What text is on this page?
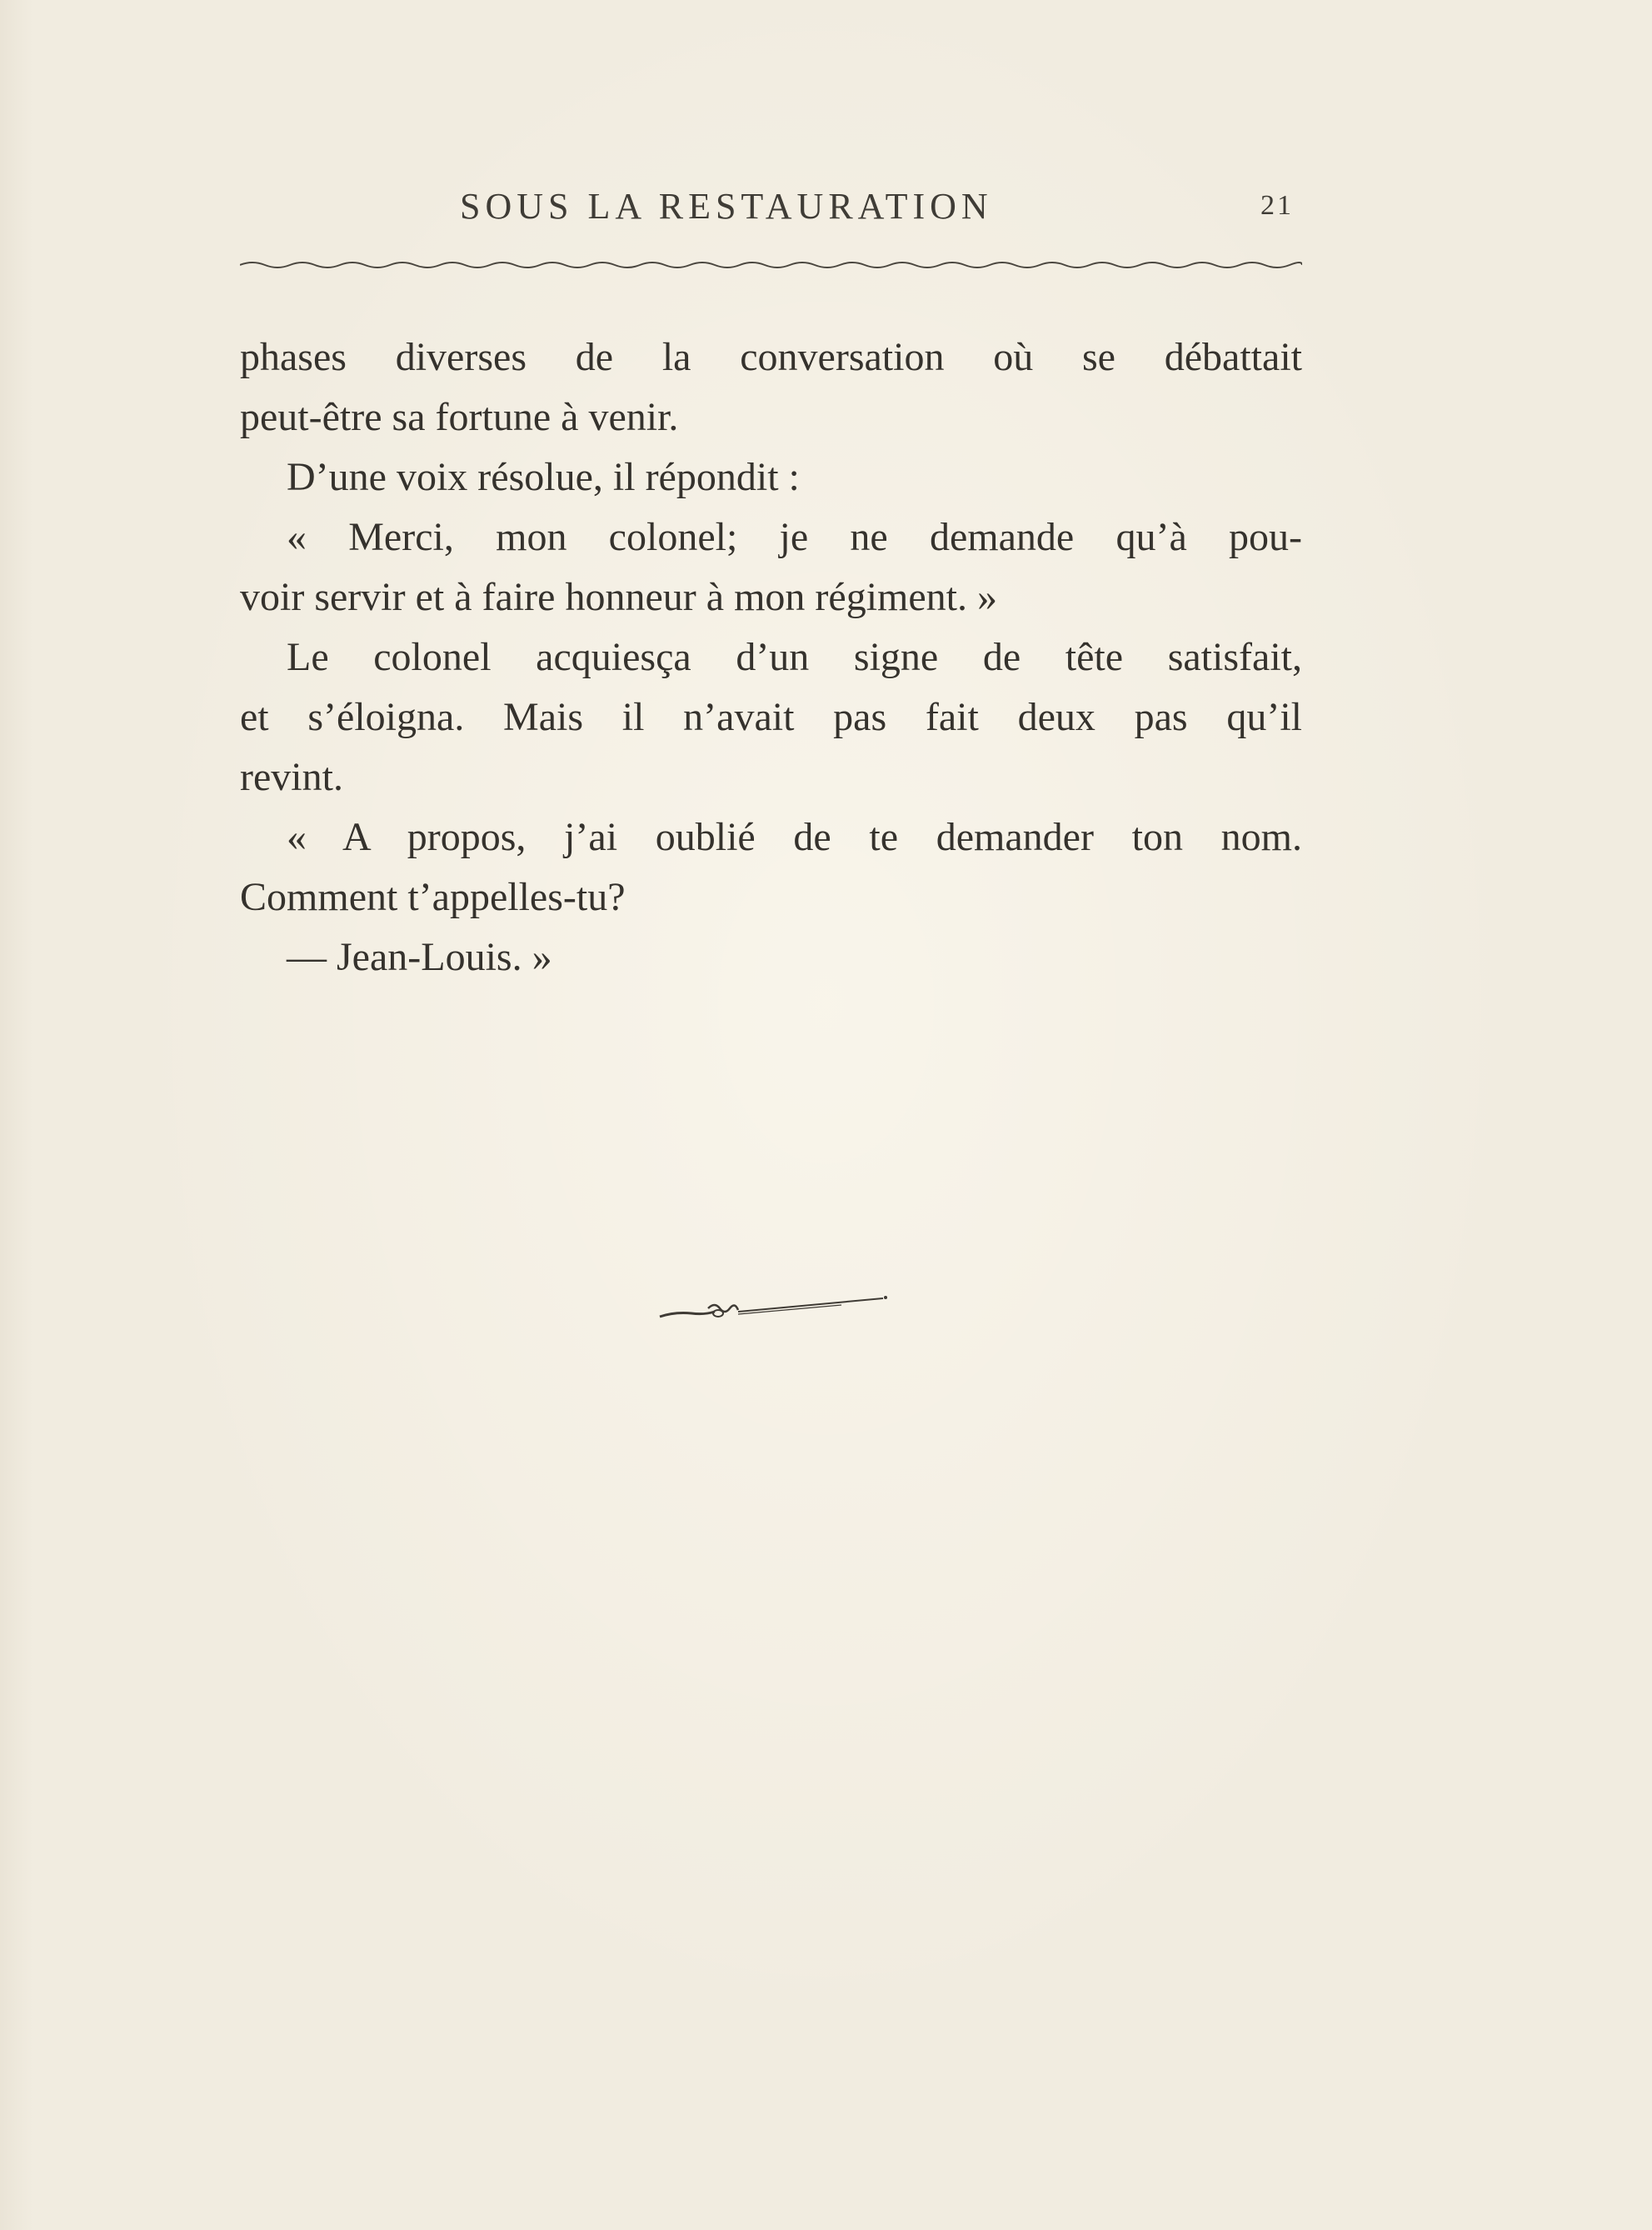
SOUS LA RESTAURATION	21
phases diverses de la conversation où se débattait
peut-être sa fortune à venir.
D’une voix résolue, il répondit :
« Merci, mon colonel; je ne demande qu’à pou-
voir servir et à faire honneur à mon régiment. »
Le colonel acquiesça d’un signe de tête satisfait,
et s’éloigna. Mais il n’avait pas fait deux pas qu’il
revint.
« A propos, j’ai oublié de te demander ton nom.
Comment t’appelles-tu?
— Jean-Louis. »
